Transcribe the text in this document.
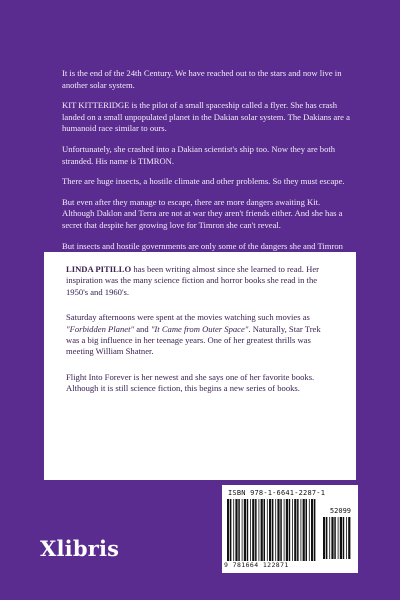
It is the end of the 24th Century. We have reached out to the stars and now live in another solar system.

KIT KITTERIDGE is the pilot of a small spaceship called a flyer. She has crash landed on a small unpopulated planet in the Dakian solar system. The Dakians are a humanoid race similar to ours.

Unfortunately, she crashed into a Dakian scientist's ship too. Now they are both stranded. His name is TIMRON.

There are huge insects, a hostile climate and other problems. So they must escape.

But even after they manage to escape, there are more dangers awaiting Kit. Although Daklon and Terra are not at war they aren't friends either. And she has a secret that despite her growing love for Timron she can't reveal.

But insects and hostile governments are only some of the dangers she and Timron

LINDA PITILLO has been writing almost since she learned to read. Her inspiration was the many science fiction and horror books she read in the 1950's and 1960's.

Saturday afternoons were spent at the movies watching such movies as "Forbidden Planet" and "It Came from Outer Space". Naturally, Star Trek was a big influence in her teenage years. One of her greatest thrills was meeting William Shatner.

Flight Into Forever is her newest and she says one of her favorite books. Although it is still science fiction, this begins a new series of books.

ISBN 978-1-6641-2287-1
52099
9 781664 122871
Xlibris
